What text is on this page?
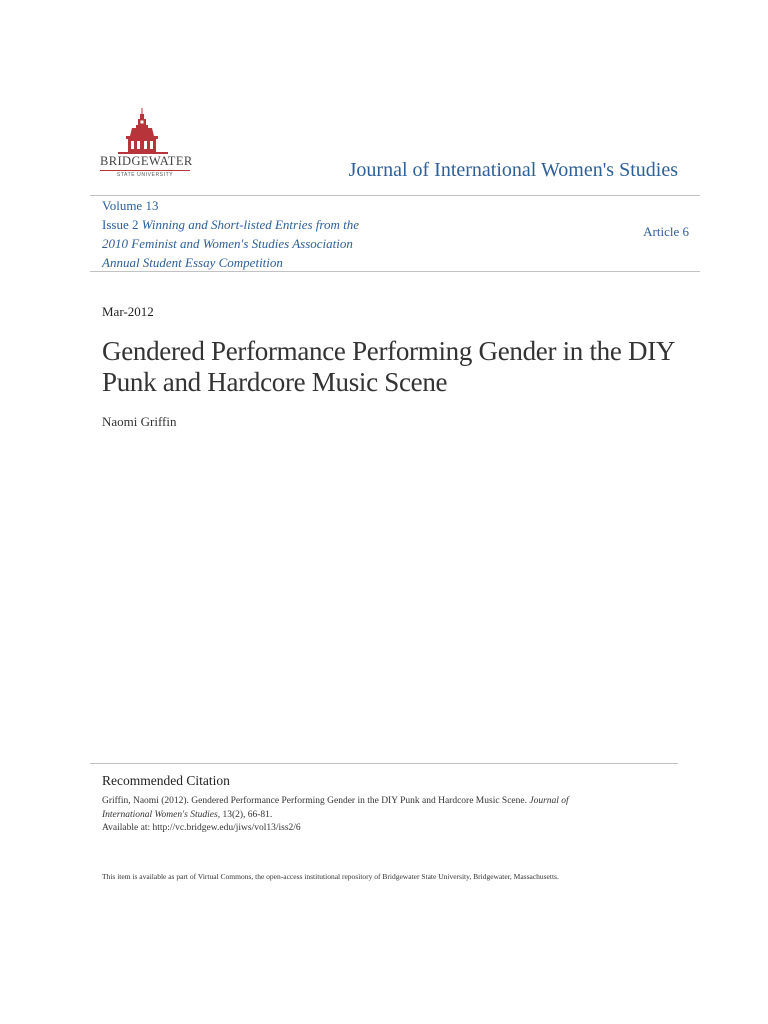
BRIDGEWATER
STATE UNIVERSITY	Journal of International Women's Studies
Volume 13
Issue 2 Winning and Short-listed Entries from the
2010 Feminist and Women's Studies Association
Annual Student Essay Competition
Article 6
Mar-2012
Gendered Performance Performing Gender in the DIY Punk and Hardcore Music Scene
Naomi Griffin
Recommended Citation
Griffin, Naomi (2012). Gendered Performance Performing Gender in the DIY Punk and Hardcore Music Scene. Journal of
International Women's Studies, 13(2), 66-81.
Available at: http://vc.bridgew.edu/jiws/vol13/iss2/6
This item is available as part of Virtual Commons, the open-access institutional repository of Bridgewater State University, Bridgewater, Massachusetts.
